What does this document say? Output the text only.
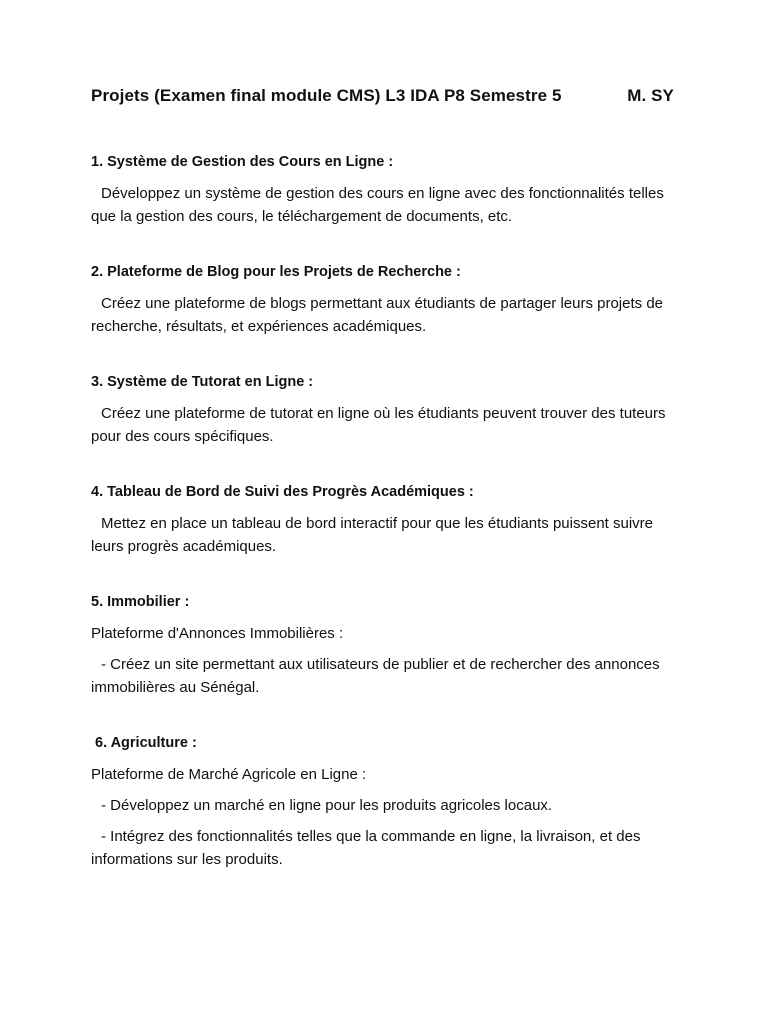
Projets (Examen final module CMS) L3 IDA P8 Semestre 5	M. SY

1. Système de Gestion des Cours en Ligne :

Développez un système de gestion des cours en ligne avec des fonctionnalités telles que la gestion des cours, le téléchargement de documents, etc.

2. Plateforme de Blog pour les Projets de Recherche :

Créez une plateforme de blogs permettant aux étudiants de partager leurs projets de recherche, résultats, et expériences académiques.

3. Système de Tutorat en Ligne :

Créez une plateforme de tutorat en ligne où les étudiants peuvent trouver des tuteurs pour des cours spécifiques.

4. Tableau de Bord de Suivi des Progrès Académiques :

Mettez en place un tableau de bord interactif pour que les étudiants puissent suivre leurs progrès académiques.

5. Immobilier :

Plateforme d'Annonces Immobilières :

- Créez un site permettant aux utilisateurs de publier et de rechercher des annonces immobilières au Sénégal.

6. Agriculture :

Plateforme de Marché Agricole en Ligne :

- Développez un marché en ligne pour les produits agricoles locaux.

- Intégrez des fonctionnalités telles que la commande en ligne, la livraison, et des informations sur les produits.
